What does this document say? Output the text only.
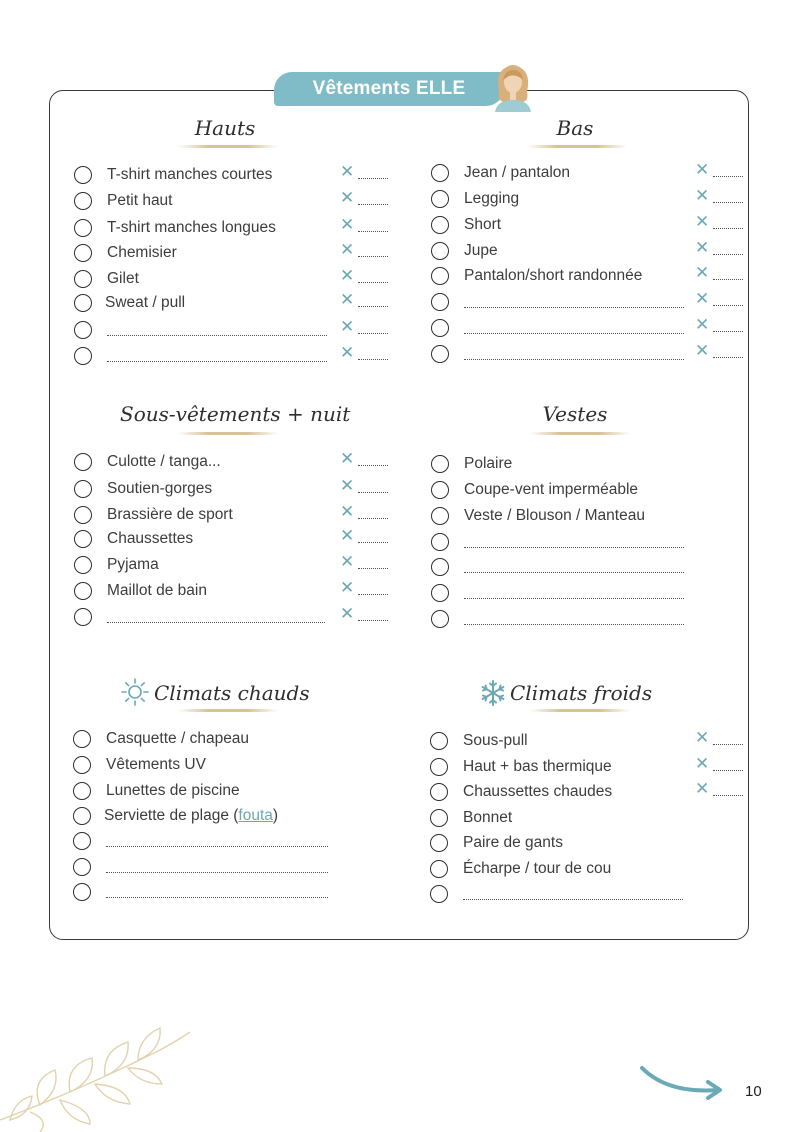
Vêtements ELLE
Hauts	Bas
Sous-vêtements + nuit	Vestes
Climats chauds	Climats froids
T-shirt manches courtes	✕
Petit haut	✕
T-shirt manches longues	✕
Chemisier	✕
Gilet	✕
Sweat / pull	✕
✕
✕
Jean / pantalon	✕
Legging	✕
Short	✕
Jupe	✕
Pantalon/short randonnée	✕
✕
✕
✕
Culotte / tanga...	✕
Soutien-gorges	✕
Brassière de sport	✕
Chaussettes	✕
Pyjama	✕
Maillot de bain	✕
✕
Polaire
Coupe-vent imperméable
Veste / Blouson / Manteau
Casquette / chapeau
Vêtements UV
Lunettes de piscine
Serviette de plage (fouta)
Sous-pull	✕
Haut + bas thermique	✕
Chaussettes chaudes	✕
Bonnet
Paire de gants
Écharpe / tour de cou
10
